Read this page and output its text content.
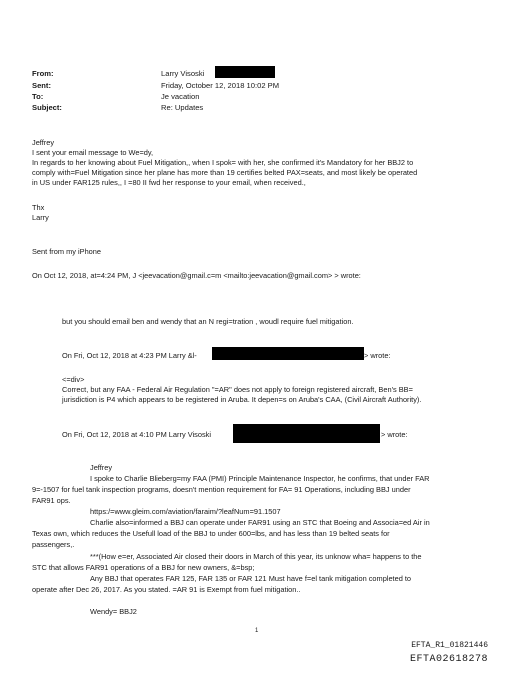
From:	Larry Visoski
Sent:	Friday, October 12, 2018 10:02 PM
To:	Je vacation
Subject:	Re: Updates
Jeffrey
I sent your email message to We=dy,
In regards to her knowing about Fuel Mitigation,, when I spok= with her, she confirmed it's Mandatory for her BBJ2 to
comply with=Fuel Mitigation since her plane has more than 19 certifies belted PAX=seats, and most likely be operated
in US under FAR125 rules,, I =80 II fwd her response to your email, when received.,
Thx
Larry
Sent from my iPhone
On Oct 12, 2018, at=4:24 PM, J <jeevacation@gmail.c=m <mailto:jeevacation@gmail.com> > wrote:
but you should email ben and wendy that an N regi=tration , woudl require fuel mitigation.
On Fri, Oct 12, 2018 at 4:23 PM Larry &l-	> wrote:
<=div>
Correct, but any FAA - Federal Air Regulation "=AR" does not apply to foreign registered aircraft, Ben's BB=
jurisdiction is P4 which appears to be registered in Aruba. It depen=s on Aruba's CAA, (Civil Aircraft Authority).
On Fri, Oct 12, 2018 at 4:10 PM Larry Visoski	> wrote:
Jeffrey
I spoke to Charlie Blieberg=my FAA (PMI) Principle Maintenance Inspector, he confirms, that under FAR
9=-1507 for fuel tank inspection programs, doesn't mention requirement for FA= 91 Operations, including BBJ under
FAR91 ops.
https:/=www.gleim.com/aviation/faraim/?leafNum=91.1507
Charlie also=informed a BBJ can operate under FAR91 using an STC that Boeing and Associa=ed Air in
Texas own, which reduces the Usefull load of the BBJ to under 600=lbs, and has less than 19 belted seats for
passengers,.
***(How e=er, Associated Air closed their doors in March of this year, its unknow wha= happens to the
STC that allows FAR91 operations of a BBJ for new owners, &=bsp;
Any BBJ that operates FAR 125, FAR 135 or FAR 121 Must have f=el tank mitigation completed to
operate after Dec 26, 2017. As you stated. =AR 91 is Exempt from fuel mitigation..
Wendy= BBJ2
1
EFTA_R1_01821446
EFTA02618278
